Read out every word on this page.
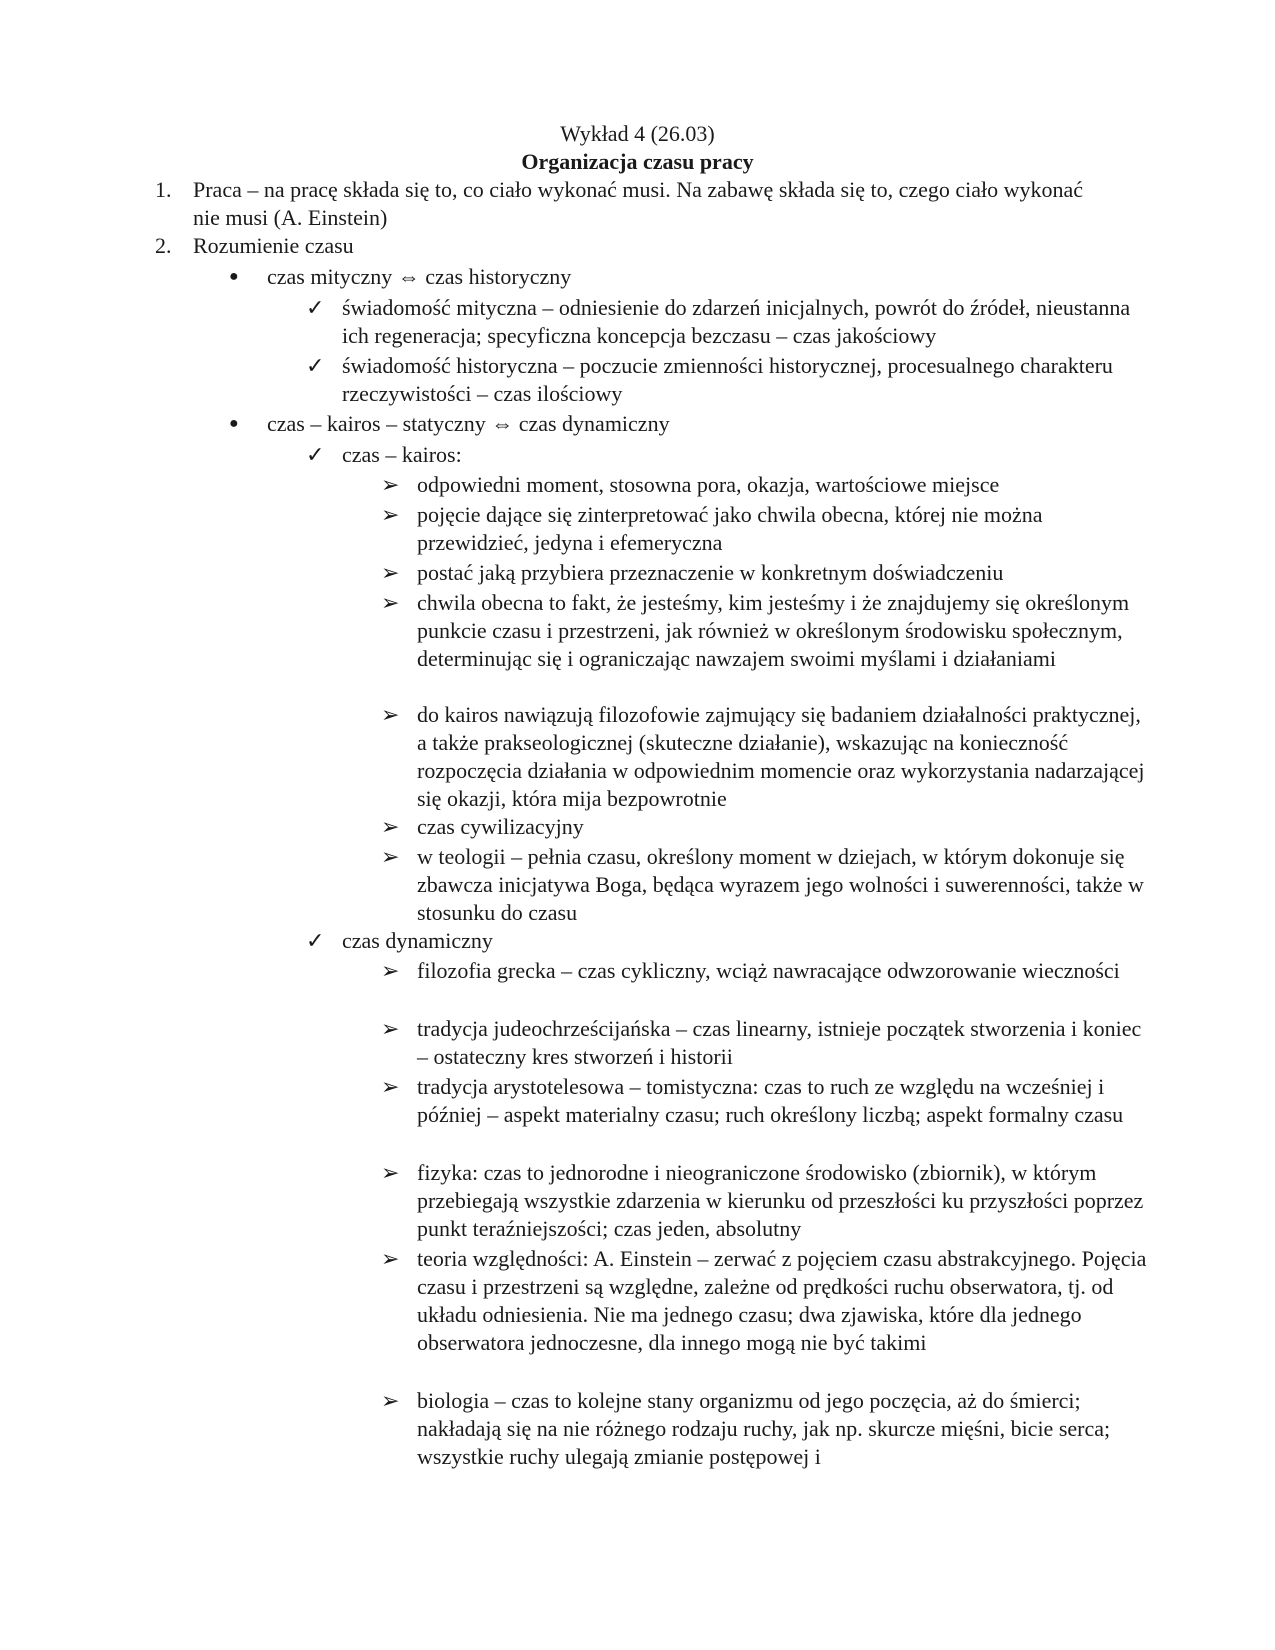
Wykład 4 (26.03)
Organizacja czasu pracy
1. Praca – na pracę składa się to, co ciało wykonać musi. Na zabawę składa się to, czego ciało wykonać nie musi (A. Einstein)
2. Rozumienie czasu
● czas mityczny ⇔ czas historyczny
✓ świadomość mityczna – odniesienie do zdarzeń inicjalnych, powrót do źródeł, nieustanna ich regeneracja; specyficzna koncepcja bezczasu – czas jakościowy
✓ świadomość historyczna – poczucie zmienności historycznej, procesualnego charakteru rzeczywistości – czas ilościowy
● czas – kairos – statyczny ⇔ czas dynamiczny
✓ czas – kairos:
➢ odpowiedni moment, stosowna pora, okazja, wartościowe miejsce
➢ pojęcie dające się zinterpretować jako chwila obecna, której nie można przewidzieć, jedyna i efemeryczna
➢ postać jaką przybiera przeznaczenie w konkretnym doświadczeniu
➢ chwila obecna to fakt, że jesteśmy, kim jesteśmy i że znajdujemy się określonym punkcie czasu i przestrzeni, jak również w określonym środowisku społecznym, determinując się i ograniczając nawzajem swoimi myślami i działaniami
➢ do kairos nawiązują filozofowie zajmujący się badaniem działalności praktycznej, a także prakseologicznej (skuteczne działanie), wskazując na konieczność rozpoczęcia działania w odpowiednim momencie oraz wykorzystania nadarzającej się okazji, która mija bezpowrotnie
➢ czas cywilizacyjny
➢ w teologii – pełnia czasu, określony moment w dziejach, w którym dokonuje się zbawcza inicjatywa Boga, będąca wyrazem jego wolności i suwerenności, także w stosunku do czasu
✓ czas dynamiczny
➢ filozofia grecka – czas cykliczny, wciąż nawracające odwzorowanie wieczności
➢ tradycja judeochrześcijańska – czas linearny, istnieje początek stworzenia i koniec – ostateczny kres stworzeń i historii
➢ tradycja arystotelesowa – tomistyczna: czas to ruch ze względu na wcześniej i później – aspekt materialny czasu; ruch określony liczbą; aspekt formalny czasu
➢ fizyka: czas to jednorodne i nieograniczone środowisko (zbiornik), w którym przebiegają wszystkie zdarzenia w kierunku od przeszłości ku przyszłości poprzez punkt teraźniejszości; czas jeden, absolutny
➢ teoria względności: A. Einstein – zerwać z pojęciem czasu abstrakcyjnego. Pojęcia czasu i przestrzeni są względne, zależne od prędkości ruchu obserwatora, tj. od układu odniesienia. Nie ma jednego czasu; dwa zjawiska, które dla jednego obserwatora jednoczesne, dla innego mogą nie być takimi
➢ biologia – czas to kolejne stany organizmu od jego poczęcia, aż do śmierci; nakładają się na nie różnego rodzaju ruchy, jak np. skurcze mięśni, bicie serca; wszystkie ruchy ulegają zmianie postępowej i
